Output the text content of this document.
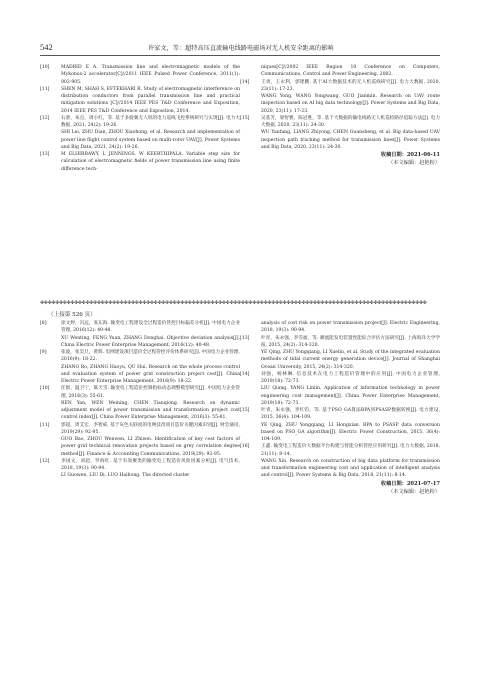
542	许家文，等：超特高压直流输电线路电磁场对无人机安全距离的影响
[10]	MADRID E A. Transmission line and electromagnetic models of the Mykonos-2 accelerator[C]//2011 IEEE Pulsed Power Conference, 2011(1): 902-905.
[11]	SHEN M, SHAH S, EFTEKHARI R. Study of electromagnetic interference on distribution conductors from parallel transmission line and practical mitigation solutions [C]//2014 IEEE PES T&D Conference and Exposition, 2014 IEEE PES T&D Conference and Exposition, 2014.
[12]	石蕾，朱点，周小红，等. 基于多旋翼无人机的电力巡线飞控系统研究与实现[J]. 电力大数据, 2021, 24(2): 19-26.
SHI Lei, ZHU Dian, ZHOU Xiaohong, et al. Research and implementation of power line flight control system based on multi-rotor UAV[J]. Power Systems and Big Data, 2021, 24(2): 19-26.
[13]	M ELHIRBAWY, L JENNINGS, W KEERTHIPALA. Variable step size for calculation of electromagnetic fields of power transmission line using finite difference tech-
niques[C]//2002 IEEE Region 10 Conference on Computers, Communications, Control and Power Engineering, 2002.
[14]	王勇，王永利，郭建鹏. 基于AI大数据技术的无人机巡线研究[J]. 电力大数据, 2020, 23(11): 17-23.
WANG Yong, WANG Yongwang, GUO Jianmin. Research on UAV route inspection based on AI big data technology[J]. Power Systems and Big Data, 2020, 23(11): 17-23.
[15]	吴基芳，梁智雅，陈冠胜，等. 基于大数据的输电线路无人机巡检路径追踪方法[J]. 电力大数据, 2020, 23(11): 24-30.
WU Yanfang, LIANG Zhiyong, CHEN Guansheng, et al. Big data-based UAV inspection path tracking method for transmission lines[J]. Power Systems and Big Data, 2020, 23(11): 24-30.
收稿日期：2021-06-11
（本文编辑：赵艳粉）
✤✤✤✤✤✤✤✤✤✤✤✤✤✤✤✤✤✤✤✤✤✤✤✤✤✤✤✤✤✤✤✤✤✤✤✤✤✤✤✤✤✤✤✤✤✤✤✤✤✤✤✤✤✤✤✤✤✤✤✤✤✤✤✤✤✤✤✤✤✤✤✤✤✤✤✤✤✤✤✤✤✤✤✤✤✤✤✤✤✤✤✤✤✤✤✤✤✤✤✤✤✤
（上接第 526 页）
[8]	徐文婷，冯远，张东海. 输变电工程建设全过程造价管控目标偏差分析[J]. 中国电力企业管理, 2016(12): 40-48.
XU Wenting, FENG Yuan, ZHANG Donghai. Objective deviation analysis[J]. China Electric Power Enterprise Management, 2016(12): 40-48.
[9]	张波，张昊旦，黄辉. 电网建设项目造价全过程管控评价体系研究[J]. 中国电力企业管理, 2016(9): 18-22.
ZHANG Bo, ZHANG Haoyu, QU Hui. Research on the whole process control and evaluation system of power grid construction project cost[J]. China Electric Power Enterprise Management, 2016(9): 18-22.
[10]	任群，温卫宁，陈天雪. 输变电工程造价控制指标动态调整模型研究[J]. 中国电力企业管理, 2016(3): 55-61.
REN Yan, WEN Weining, CHEN Tianqiong. Research on dynamic adjustment model of power transmission and transformation project cost control index[J]. China Power Enterprise Management, 2016(3): 55-61.
[11]	郭超，周艾宏，李智威. 基于灰色关联度的电网技改项目造价关键因素识别[J]. 财会通讯, 2019(29): 92-95.
GUO Bao, ZHOU Wenwen, LI Zhiwei. Identification of key cost factors of power grid technical renovation projects based on grey correlation degree method[J]. Finance & Accounting Communications, 2019(29): 92-95.
[12]	李国文，刘超，罗海红. 基于有效聚类的输变电工程造价风险因素分析[J]. 电气技术, 2018, 19(3): 90-94.
LI Guowen, LIU Di, LUO Haihong. The directed cluster
analysis of cost risk on power transmission project[J]. Electric Engineering, 2018, 19(3): 90-94.
[13]	叶青，朱永强，李雪福，等. 潮流能发电装置性能综合评估方法研究[J]. 上海海洋大学学报, 2015, 24(2): 314-320.
YE Qing, ZHU Yongqiang, LI Xuelin, et al. Study of the integrated evaluation methods of tidal current energy generation device[J]. Journal of Shanghai Ocean University, 2015, 24(2): 314-320.
[14]	刘强，杨林琳. 信息技术在电力工程造价管理中的应用[J]. 中国电力企业管理, 2019(18): 72-73.
LIU Qiang, YANG Linlin. Application of information technology in power engineering cost management[J]. China Power Enterprise Management, 2019(18): 72-73.
[15]	叶青，朱永强，李红钧，等. 基于PSO_GA算法BPA到PSASP数据转换[J]. 电力建设, 2015, 36(4): 104-109.
YE Qing, ZHU Yongqiang, LI Hongxian. BPA to PSASP data conversion based on PSO_GA algorithm[J]. Electric Power Construction, 2015, 36(4): 104-109.
[16]	王鑫. 输变电工程造价大数据平台构建与智能分析管控应用研究[J]. 电力大数据, 2018, 21(11): 8-14.
WANG Xin. Research on construction of big data platform for transmission and transformation engineering cost and application of intelligent analysis and control[J]. Power Systems & Big Data, 2018, 21(11): 8-14.
收稿日期：2021-07-17
（本文编辑：赵艳粉）
